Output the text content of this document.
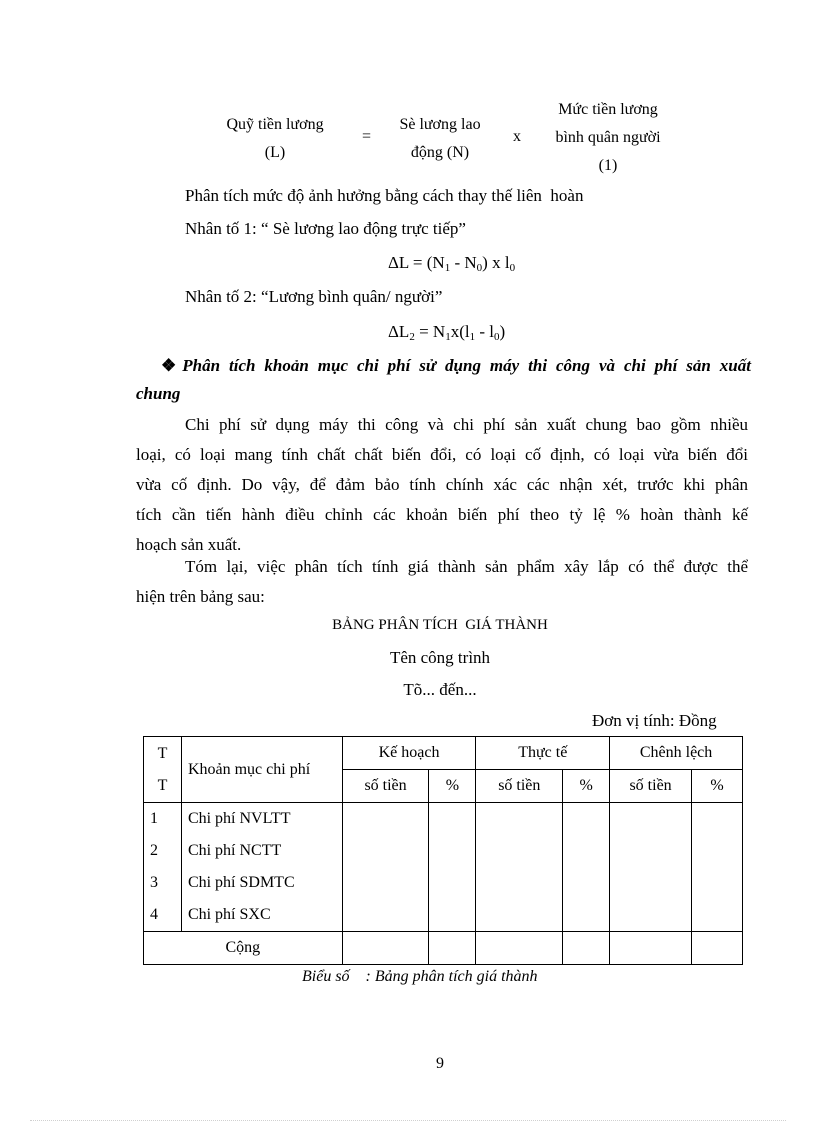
Quỹ tiền lương
(L)
=
Sè lương lao
động (N)
x
Mức tiền lương
bình quân người
(1)
Phân tích mức độ ảnh hưởng bằng cách thay thế liên  hoàn
Nhân tố 1: “ Sè lương lao động trực tiếp”
$\Delta L = (N_1 - N_0)$ x $l_0$
Nhân tố 2: “Lương bình quân/ người”
$\Delta L_2 = N_1x(l_1 - l_0)$
❖ Phân tích khoản mục chi phí sử dụng máy thi công và chi phí sản xuất
chung
Chi phí sử dụng máy thi công và chi phí sản xuất chung bao gồm nhiều
loại, có loại mang tính chất chất biến đổi, có loại cố định, có loại vừa biến đổi
vừa cố định. Do vậy, để đảm bảo tính chính xác các nhận xét, trước khi phân
tích cần tiến hành điều chỉnh các khoản biến phí theo tỷ lệ % hoàn thành kế
hoạch sản xuất.
Tóm lại, việc phân tích tính giá thành sản phẩm xây lắp có thể được thể
hiện trên bảng sau:
BẢNG PHÂN TÍCH  GIÁ THÀNH
Tên công trình
Tõ... đến...
Đơn vị tính: Đồng
T
T	Khoản mục chi phí	Kế hoạch		Thực tế		Chênh lệch	
		số tiền	%	số tiền	%	số tiền	%
1	Chi phí NVLTT						
2	Chi phí NCTT						
3	Chi phí SDMTC						
4	Chi phí SXC						
Cộng							
Biểu số    : Bảng phân tích giá thành
9
